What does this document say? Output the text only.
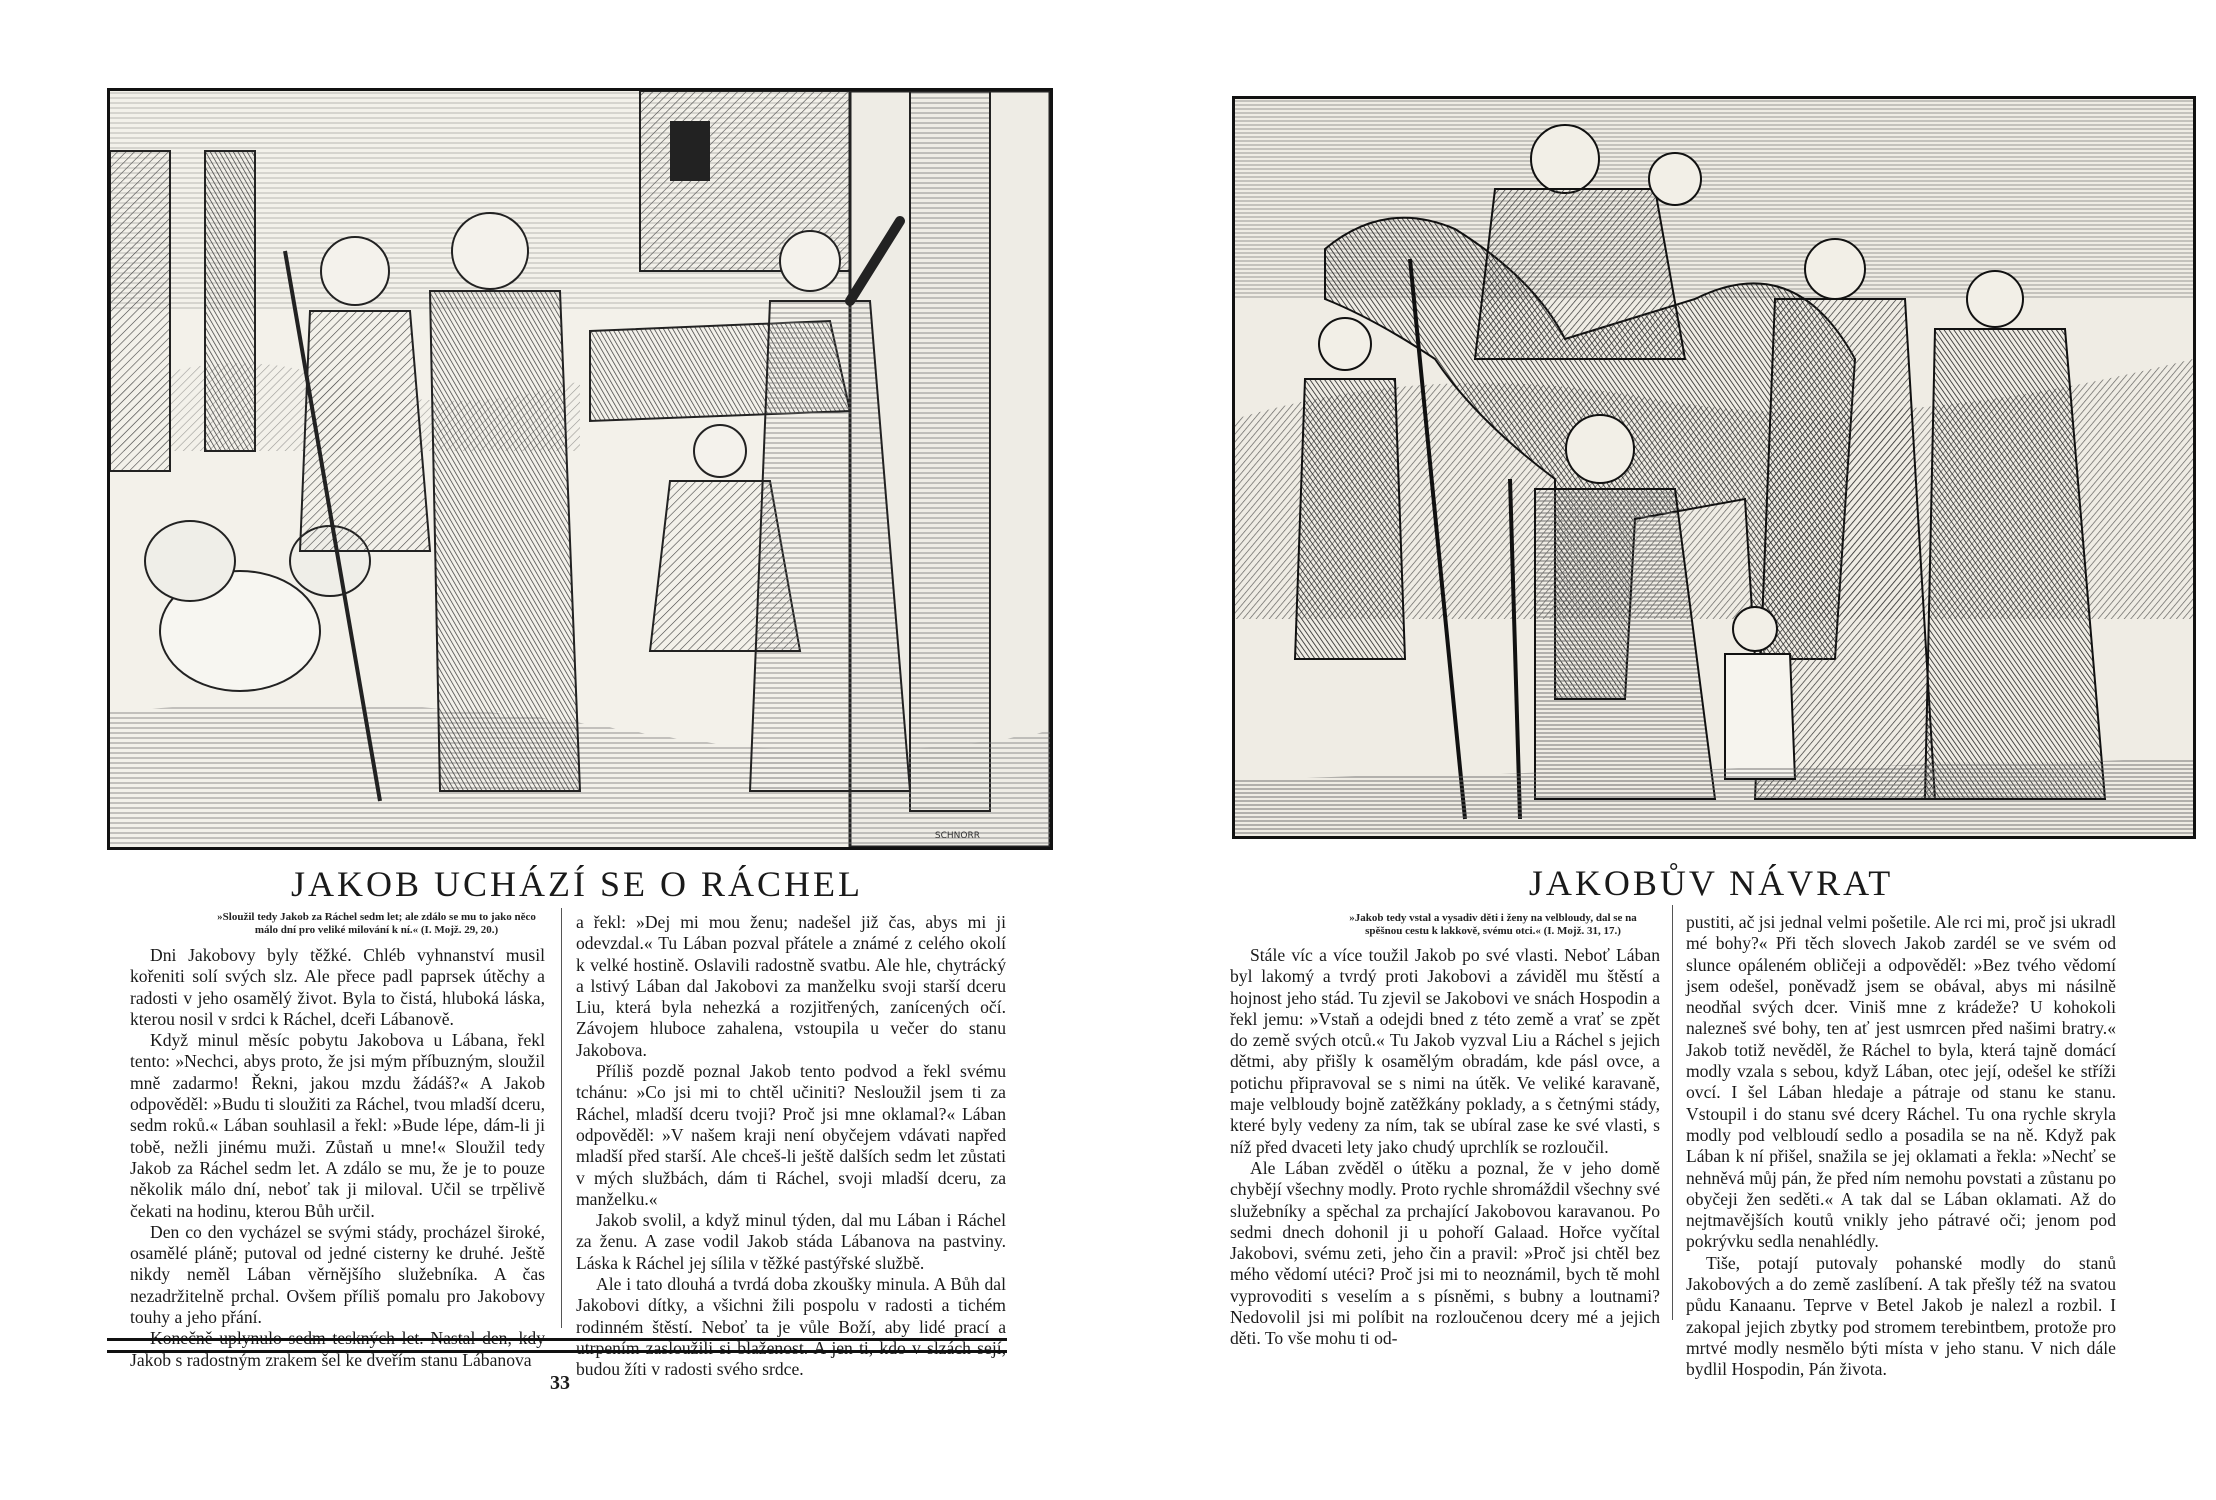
SCHNORR
JAKOB UCHÁZÍ SE O RÁCHEL
»Sloužil tedy Jakob za Ráchel sedm let; ale zdálo se mu to jako něco málo dní pro veliké milování k ní.« (I. Mojž. 29, 20.)

Dni Jakobovy byly těžké. Chléb vyhnanství musil kořeniti solí svých slz. Ale přece padl paprsek útěchy a radosti v jeho osamělý život. Byla to čistá, hluboká láska, kterou nosil v srdci k Ráchel, dceři Lábanově.

Když minul měsíc pobytu Jakobova u Lábana, řekl tento: »Nechci, abys proto, že jsi mým příbuzným, sloužil mně zadarmo! Řekni, jakou mzdu žádáš?« A Jakob odpověděl: »Budu ti sloužiti za Ráchel, tvou mladší dceru, sedm roků.« Lában souhlasil a řekl: »Bude lépe, dám-li ji tobě, nežli jinému muži. Zůstaň u mne!« Sloužil tedy Jakob za Ráchel sedm let. A zdálo se mu, že je to pouze několik málo dní, neboť tak ji miloval. Učil se trpělivě čekati na hodinu, kterou Bůh určil.

Den co den vycházel se svými stády, procházel široké, osamělé pláně; putoval od jedné cisterny ke druhé. Ještě nikdy neměl Lában věrnějšího služebníka. A čas nezadržitelně prchal. Ovšem příliš pomalu pro Jakobovy touhy a jeho přání.

Konečně uplynulo sedm teskných let. Nastal den, kdy Jakob s radostným zrakem šel ke dveřím stanu Lábanova

a řekl: »Dej mi mou ženu; nadešel již čas, abys mi ji odevzdal.« Tu Lában pozval přátele a známé z celého okolí k velké hostině. Oslavili radostně svatbu. Ale hle, chytrácký a lstivý Lában dal Jakobovi za manželku svoji starší dceru Liu, která byla nehezká a rozjitřených, zanícených očí. Závojem hluboce zahalena, vstoupila u večer do stanu Jakobova.

Příliš pozdě poznal Jakob tento podvod a řekl svému tchánu: »Co jsi mi to chtěl učiniti? Nesloužil jsem ti za Ráchel, mladší dceru tvoji? Proč jsi mne oklamal?« Lában odpověděl: »V našem kraji není obyčejem vdávati napřed mladší před starší. Ale chceš-li ještě dalších sedm let zůstati v mých službách, dám ti Ráchel, svoji mladší dceru, za manželku.«

Jakob svolil, a když minul týden, dal mu Lában i Ráchel za ženu. A zase vodil Jakob stáda Lábanova na pastviny. Láska k Ráchel jej sílila v těžké pastýřské službě.

Ale i tato dlouhá a tvrdá doba zkoušky minula. A Bůh dal Jakobovi dítky, a všichni žili pospolu v radosti a tichém rodinném štěstí. Neboť ta je vůle Boží, aby lidé prací a utrpením zasloužili si blaženost. A jen ti, kdo v slzách sejí, budou žíti v radosti svého srdce.

33
JAKOBŮV NÁVRAT
»Jakob tedy vstal a vysadiv děti i ženy na velbloudy, dal se na spěšnou cestu k lakkově, svému otci.« (I. Mojž. 31, 17.)

Stále víc a více toužil Jakob po své vlasti. Neboť Lában byl lakomý a tvrdý proti Jakobovi a záviděl mu štěstí a hojnost jeho stád. Tu zjevil se Jakobovi ve snách Hospodin a řekl jemu: »Vstaň a odejdi bned z této země a vrať se zpět do země svých otců.« Tu Jakob vyzval Liu a Ráchel s jejich dětmi, aby přišly k osamělým obradám, kde pásl ovce, a potichu připravoval se s nimi na útěk. Ve veliké karavaně, maje velbloudy bojně zatěžkány poklady, a s četnými stády, které byly vedeny za ním, tak se ubíral zase ke své vlasti, s níž před dvaceti lety jako chudý uprchlík se rozloučil.

Ale Lában zvěděl o útěku a poznal, že v jeho domě chybějí všechny modly. Proto rychle shromáždil všechny své služebníky a spěchal za prchající Jakobovou karavanou. Po sedmi dnech dohonil ji u pohoří Galaad. Hořce vyčítal Jakobovi, svému zeti, jeho čin a pravil: »Proč jsi chtěl bez mého vědomí utéci? Proč jsi mi to neoznámil, bych tě mohl vyprovoditi s veselím a s písněmi, s bubny a loutnami? Nedovolil jsi mi políbit na rozloučenou dcery mé a jejich děti. To vše mohu ti od-

pustiti, ač jsi jednal velmi pošetile. Ale rci mi, proč jsi ukradl mé bohy?« Při těch slovech Jakob zardél se ve svém od slunce opáleném obličeji a odpověděl: »Bez tvého vědomí jsem odešel, poněvadž jsem se obával, abys mi násilně neodňal svých dcer. Viniš mne z krádeže? U kohokoli nalezneš své bohy, ten ať jest usmrcen před našimi bratry.« Jakob totiž nevěděl, že Ráchel to byla, která tajně domácí modly vzala s sebou, když Lában, otec její, odešel ke stříži ovcí. I šel Lában hledaje a pátraje od stanu ke stanu. Vstoupil i do stanu své dcery Ráchel. Tu ona rychle skryla modly pod velbloudí sedlo a posadila se na ně. Když pak Lában k ní přišel, snažila se jej oklamati a řekla: »Nechť se nehněvá můj pán, že před ním nemohu povstati a zůstanu po obyčeji žen seděti.« A tak dal se Lában oklamati. Až do nejtmavějších koutů vnikly jeho pátravé oči; jenom pod pokrývku sedla nenahlédly.

Tiše, potají putovaly pohanské modly do stanů Jakobových a do země zaslíbení. A tak přešly též na svatou půdu Kanaanu. Teprve v Betel Jakob je nalezl a rozbil. I zakopal jejich zbytky pod stromem terebintbem, protože pro mrtvé modly nesmělo býti místa v jeho stanu. V nich dále bydlil Hospodin, Pán života.
